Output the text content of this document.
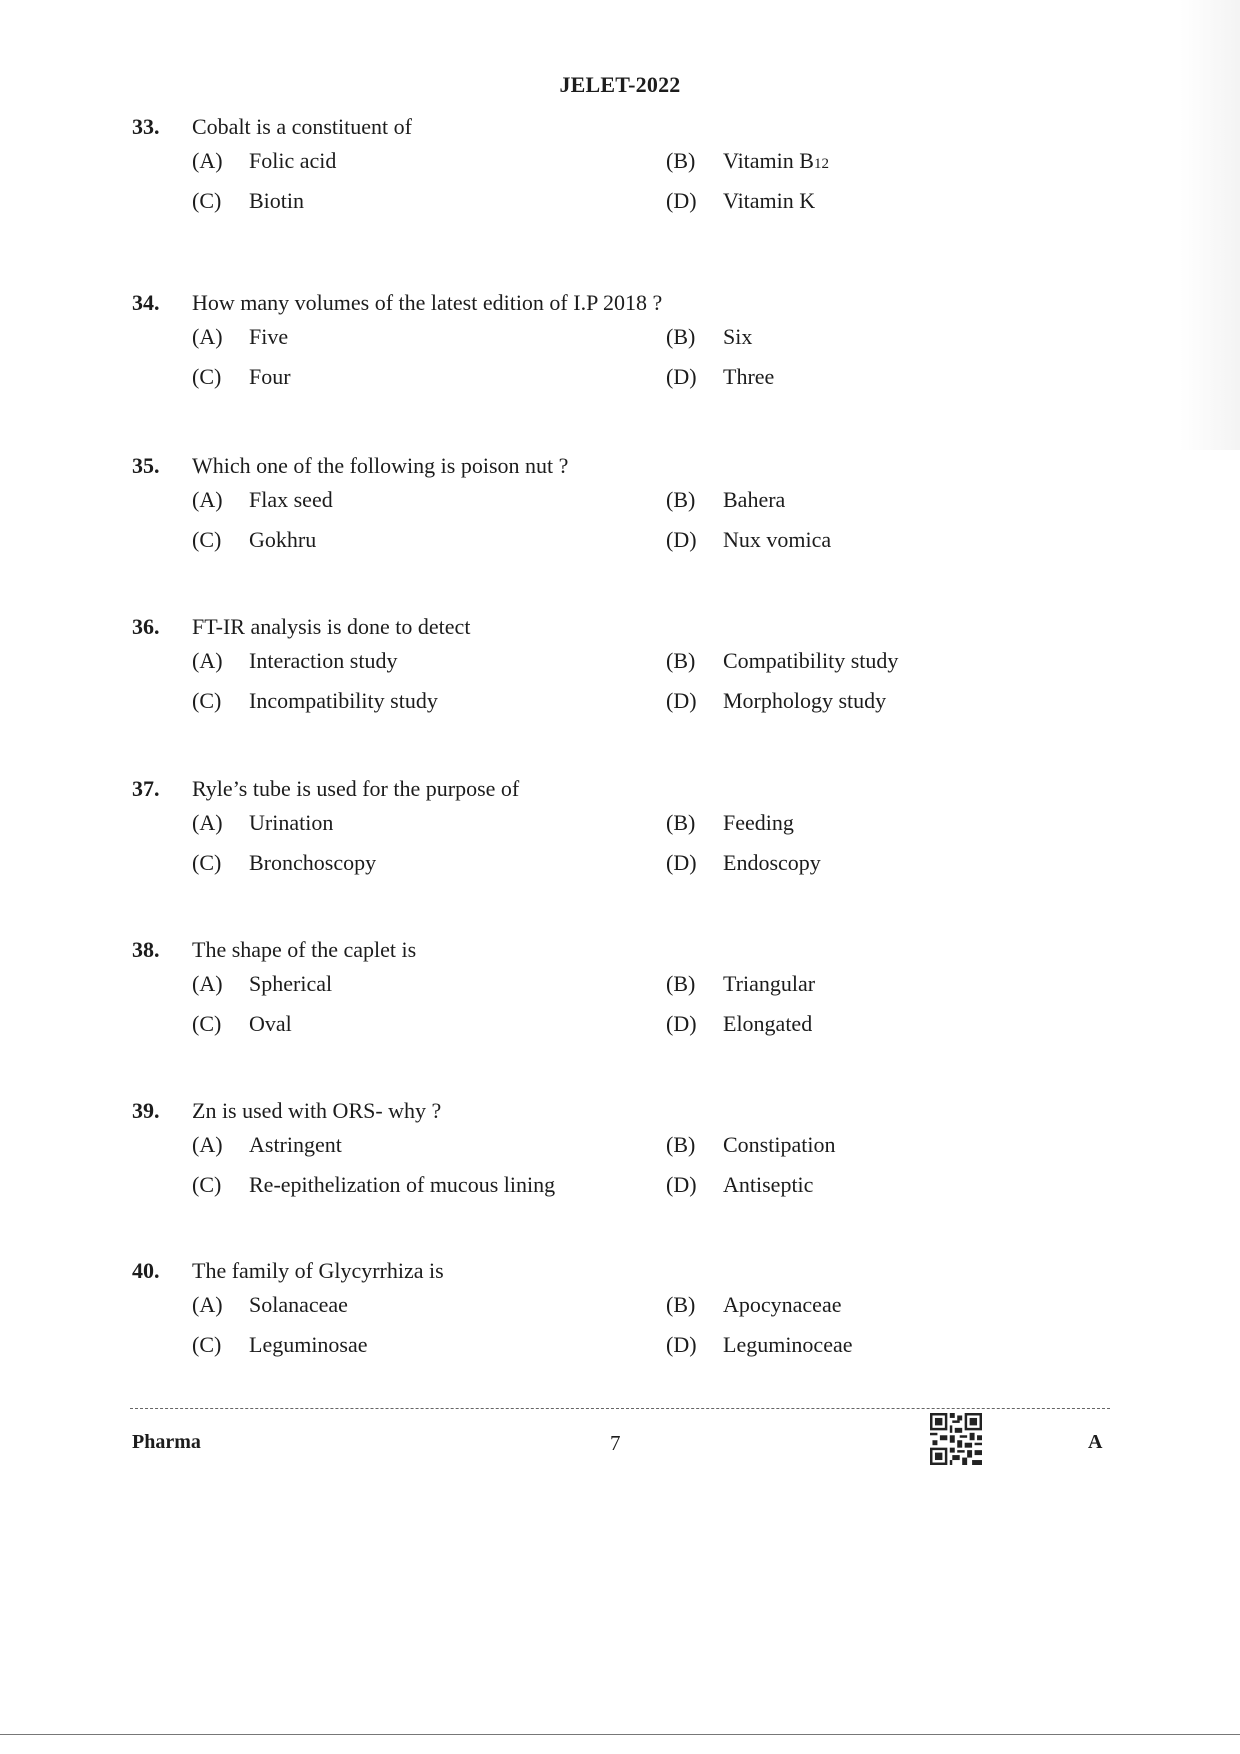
JELET-2022
33.	Cobalt is a constituent of
(A)	Folic acid	(B)	Vitamin B 12
(C)	Biotin	(D)	Vitamin K
34.	How many volumes of the latest edition of I.P 2018 ?
(A)	Five	(B)	Six
(C)	Four	(D)	Three
35.	Which one of the following is poison nut ?
(A)	Flax seed	(B)	Bahera
(C)	Gokhru	(D)	Nux vomica
36.	FT-IR analysis is done to detect
(A)	Interaction study	(B)	Compatibility study
(C)	Incompatibility study	(D)	Morphology study
37.	Ryle’s tube is used for the purpose of
(A)	Urination	(B)	Feeding
(C)	Bronchoscopy	(D)	Endoscopy
38.	The shape of the caplet is
(A)	Spherical	(B)	Triangular
(C)	Oval	(D)	Elongated
39.	Zn is used with ORS- why ?
(A)	Astringent	(B)	Constipation
(C)	Re-epithelization of mucous lining	(D)	Antiseptic
40.	The family of Glycyrrhiza is
(A)	Solanaceae	(B)	Apocynaceae
(C)	Leguminosae	(D)	Leguminoceae
Pharma	7	A
